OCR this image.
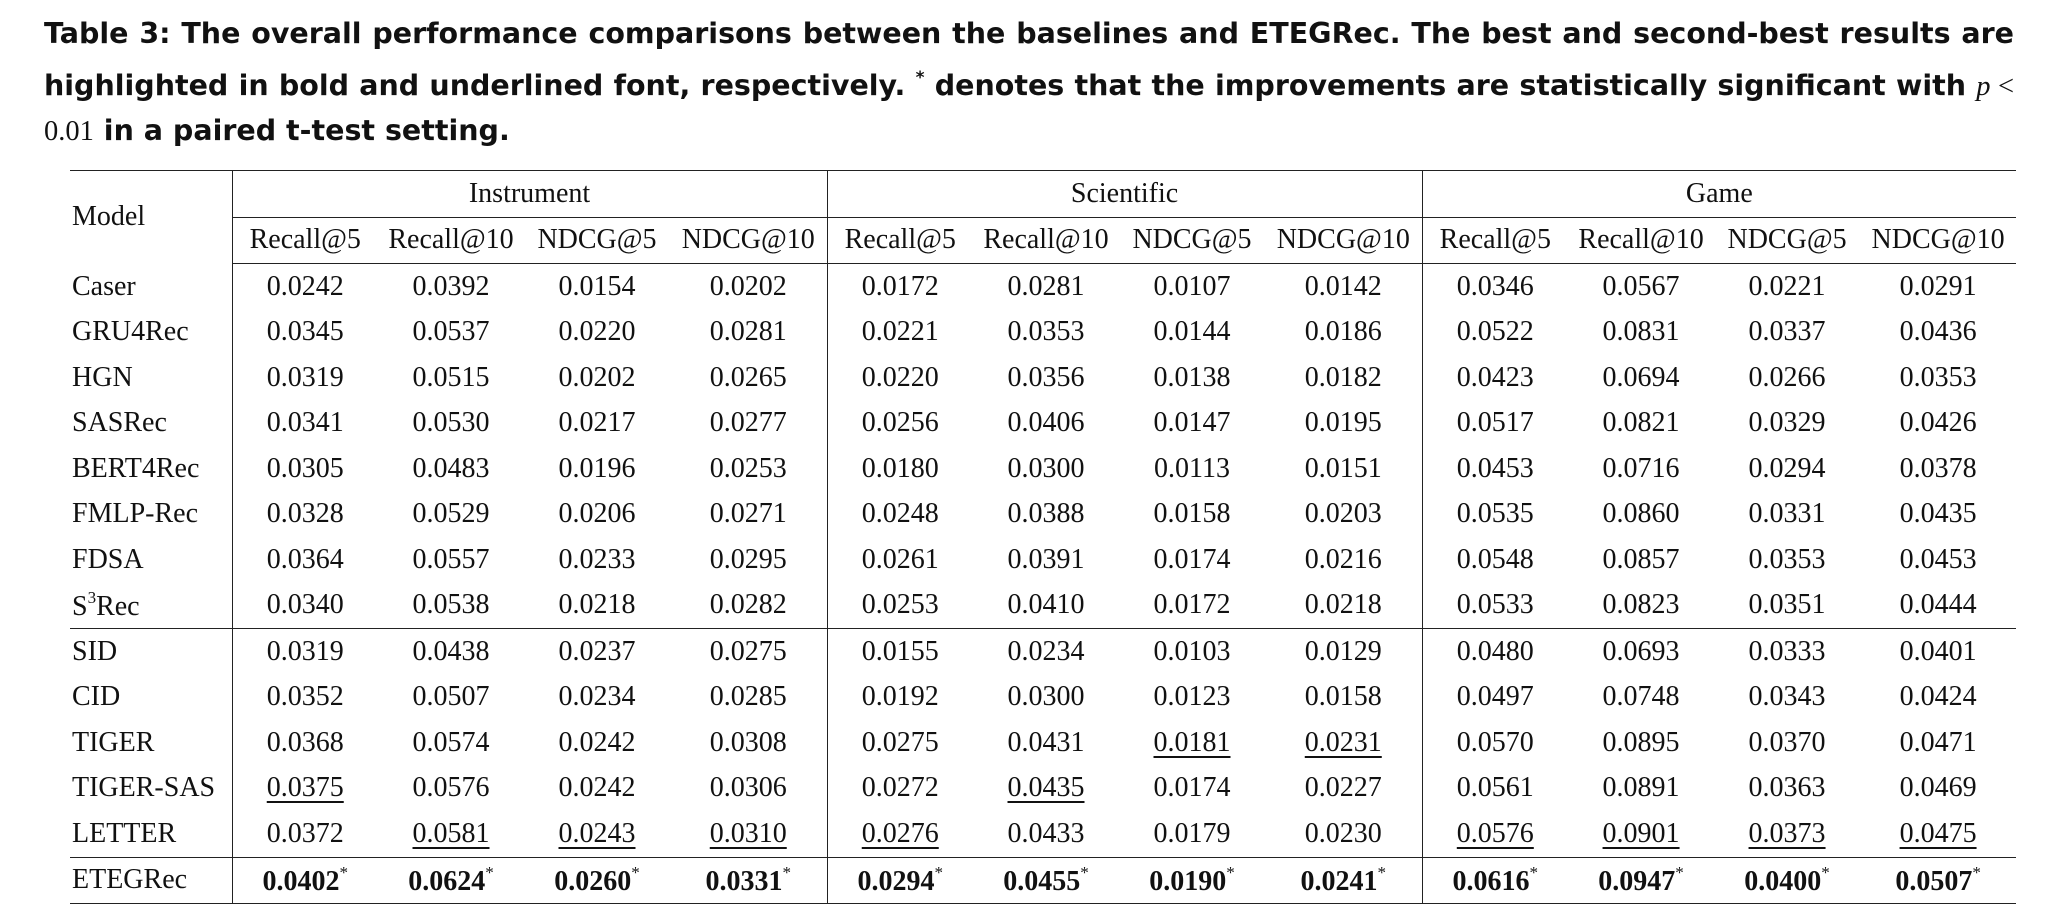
Table 3: The overall performance comparisons between the baselines and ETEGRec. The best and second-best results are highlighted in bold and underlined font, respectively. * denotes that the improvements are statistically significant with p < 0.01 in a paired t-test setting.
Model	Instrument				Scientific				Game			
	Recall@5	Recall@10	NDCG@5	NDCG@10	Recall@5	Recall@10	NDCG@5	NDCG@10	Recall@5	Recall@10	NDCG@5	NDCG@10
Caser	0.0242	0.0392	0.0154	0.0202	0.0172	0.0281	0.0107	0.0142	0.0346	0.0567	0.0221	0.0291
GRU4Rec	0.0345	0.0537	0.0220	0.0281	0.0221	0.0353	0.0144	0.0186	0.0522	0.0831	0.0337	0.0436
HGN	0.0319	0.0515	0.0202	0.0265	0.0220	0.0356	0.0138	0.0182	0.0423	0.0694	0.0266	0.0353
SASRec	0.0341	0.0530	0.0217	0.0277	0.0256	0.0406	0.0147	0.0195	0.0517	0.0821	0.0329	0.0426
BERT4Rec	0.0305	0.0483	0.0196	0.0253	0.0180	0.0300	0.0113	0.0151	0.0453	0.0716	0.0294	0.0378
FMLP-Rec	0.0328	0.0529	0.0206	0.0271	0.0248	0.0388	0.0158	0.0203	0.0535	0.0860	0.0331	0.0435
FDSA	0.0364	0.0557	0.0233	0.0295	0.0261	0.0391	0.0174	0.0216	0.0548	0.0857	0.0353	0.0453
$S^3Rec$	0.0340	0.0538	0.0218	0.0282	0.0253	0.0410	0.0172	0.0218	0.0533	0.0823	0.0351	0.0444
SID	0.0319	0.0438	0.0237	0.0275	0.0155	0.0234	0.0103	0.0129	0.0480	0.0693	0.0333	0.0401
CID	0.0352	0.0507	0.0234	0.0285	0.0192	0.0300	0.0123	0.0158	0.0497	0.0748	0.0343	0.0424
TIGER	0.0368	0.0574	0.0242	0.0308	0.0275	0.0431	0.0181	0.0231	0.0570	0.0895	0.0370	0.0471
TIGER-SAS	0.0375	0.0576	0.0242	0.0306	0.0272	0.0435	0.0174	0.0227	0.0561	0.0891	0.0363	0.0469
LETTER	0.0372	0.0581	0.0243	0.0310	0.0276	0.0433	0.0179	0.0230	0.0576	0.0901	0.0373	0.0475
ETEGRec	0.0402*	0.0624*	0.0260*	0.0331*	0.0294*	0.0455*	0.0190*	0.0241*	0.0616*	0.0947*	0.0400*	0.0507*
